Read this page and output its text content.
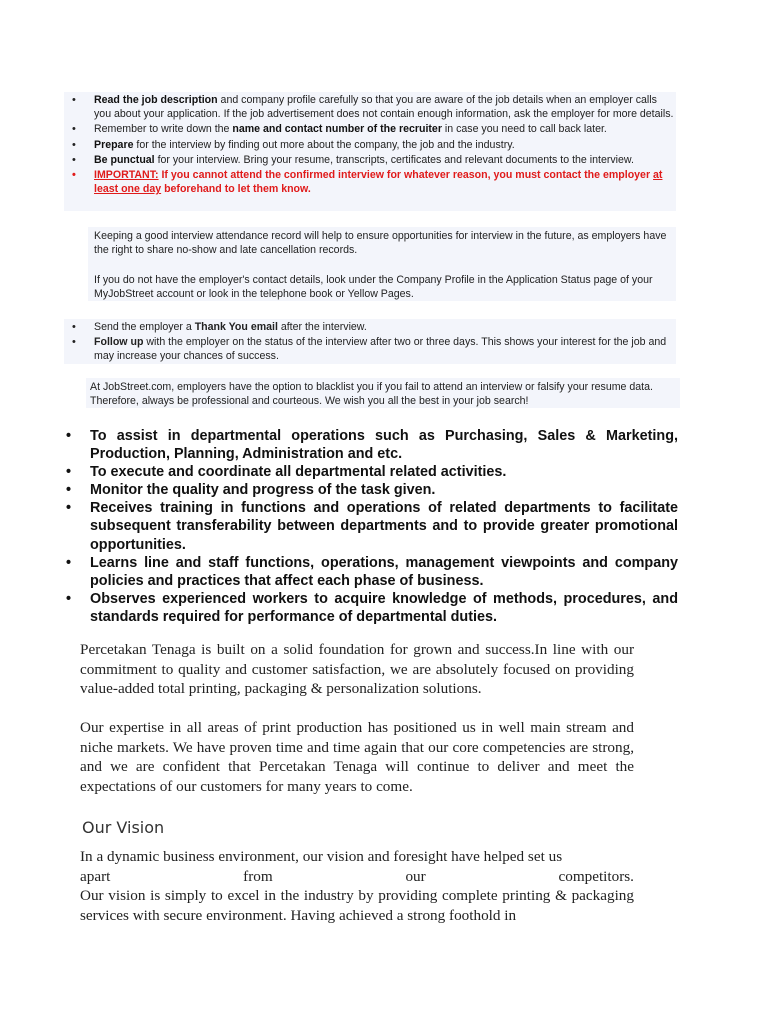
• Read the job description and company profile carefully so that you are aware of the job details when an employer calls you about your application. If the job advertisement does not contain enough information, ask the employer for more details.
• Remember to write down the name and contact number of the recruiter in case you need to call back later.
• Prepare for the interview by finding out more about the company, the job and the industry.
• Be punctual for your interview. Bring your resume, transcripts, certificates and relevant documents to the interview.
• IMPORTANT: If you cannot attend the confirmed interview for whatever reason, you must contact the employer at least one day beforehand to let them know.

Keeping a good interview attendance record will help to ensure opportunities for interview in the future, as employers have the right to share no-show and late cancellation records.

If you do not have the employer's contact details, look under the Company Profile in the Application Status page of your MyJobStreet account or look in the telephone book or Yellow Pages.

• Send the employer a Thank You email after the interview.
• Follow up with the employer on the status of the interview after two or three days. This shows your interest for the job and may increase your chances of success.

At JobStreet.com, employers have the option to blacklist you if you fail to attend an interview or falsify your resume data. Therefore, always be professional and courteous. We wish you all the best in your job search!

• To assist in departmental operations such as Purchasing, Sales & Marketing, Production, Planning, Administration and etc.
• To execute and coordinate all departmental related activities.
• Monitor the quality and progress of the task given.
• Receives training in functions and operations of related departments to facilitate subsequent transferability between departments and to provide greater promotional opportunities.
• Learns line and staff functions, operations, management viewpoints and company policies and practices that affect each phase of business.
• Observes experienced workers to acquire knowledge of methods, procedures, and standards required for performance of departmental duties.

Percetakan Tenaga is built on a solid foundation for grown and success.In line with our commitment to quality and customer satisfaction, we are absolutely focused on providing value-added total printing, packaging & personalization solutions.

Our expertise in all areas of print production has positioned us in well main stream and niche markets. We have proven time and time again that our core competencies are strong, and we are confident that Percetakan Tenaga will continue to deliver and meet the expectations of our customers for many years to come.

Our Vision

In a dynamic business environment, our vision and foresight have helped set us

apart	from	our	competitors.

Our vision is simply to excel in the industry by providing complete printing & packaging services with secure environment. Having achieved a strong foothold in
